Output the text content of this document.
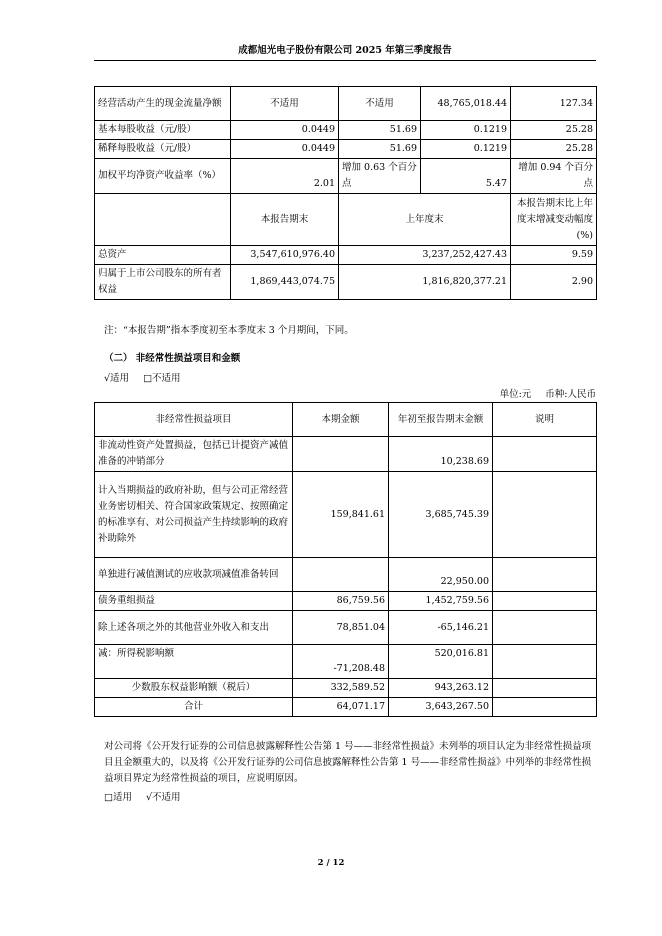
成都旭光电子股份有限公司 2025 年第三季度报告
经营活动产生的现金流量净额	不适用	不适用	48,765,018.44	127.34
基本每股收益（元/股）	0.0449	51.69	0.1219	25.28
稀释每股收益（元/股）	0.0449	51.69	0.1219	25.28
加权平均净资产收益率（%）	2.01	增加 0.63 个百分点	5.47	增加 0.94 个百分点
	本报告期末	上年度末		本报告期末比上年度末增减变动幅度(%)
总资产	3,547,610,976.40	3,237,252,427.43		9.59
归属于上市公司股东的所有者权益	1,869,443,074.75	1,816,820,377.21		2.90
注：“本报告期”指本季度初至本季度末 3 个月期间，下同。
（二） 非经常性损益项目和金额
√适用 □不适用
单位:元 币种:人民币
非经常性损益项目	本期金额	年初至报告期末金额	说明
非流动性资产处置损益，包括已计提资产减值准备的冲销部分		10,238.69	
计入当期损益的政府补助，但与公司正常经营业务密切相关、符合国家政策规定、按照确定的标准享有、对公司损益产生持续影响的政府补助除外	159,841.61	3,685,745.39	
单独进行减值测试的应收款项减值准备转回		22,950.00	
债务重组损益	86,759.56	1,452,759.56	
除上述各项之外的其他营业外收入和支出	78,851.04	-65,146.21	
减：所得税影响额	-71,208.48	520,016.81	
少数股东权益影响额（税后）	332,589.52	943,263.12	
合计	64,071.17	3,643,267.50	
对公司将《公开发行证券的公司信息披露解释性公告第 1 号——非经常性损益》未列举的项目认定为非经常性损益项目且金额重大的，以及将《公开发行证券的公司信息披露解释性公告第 1 号——非经常性损益》中列举的非经常性损益项目界定为经常性损益的项目，应说明原因。
□适用 √不适用
2 / 12
